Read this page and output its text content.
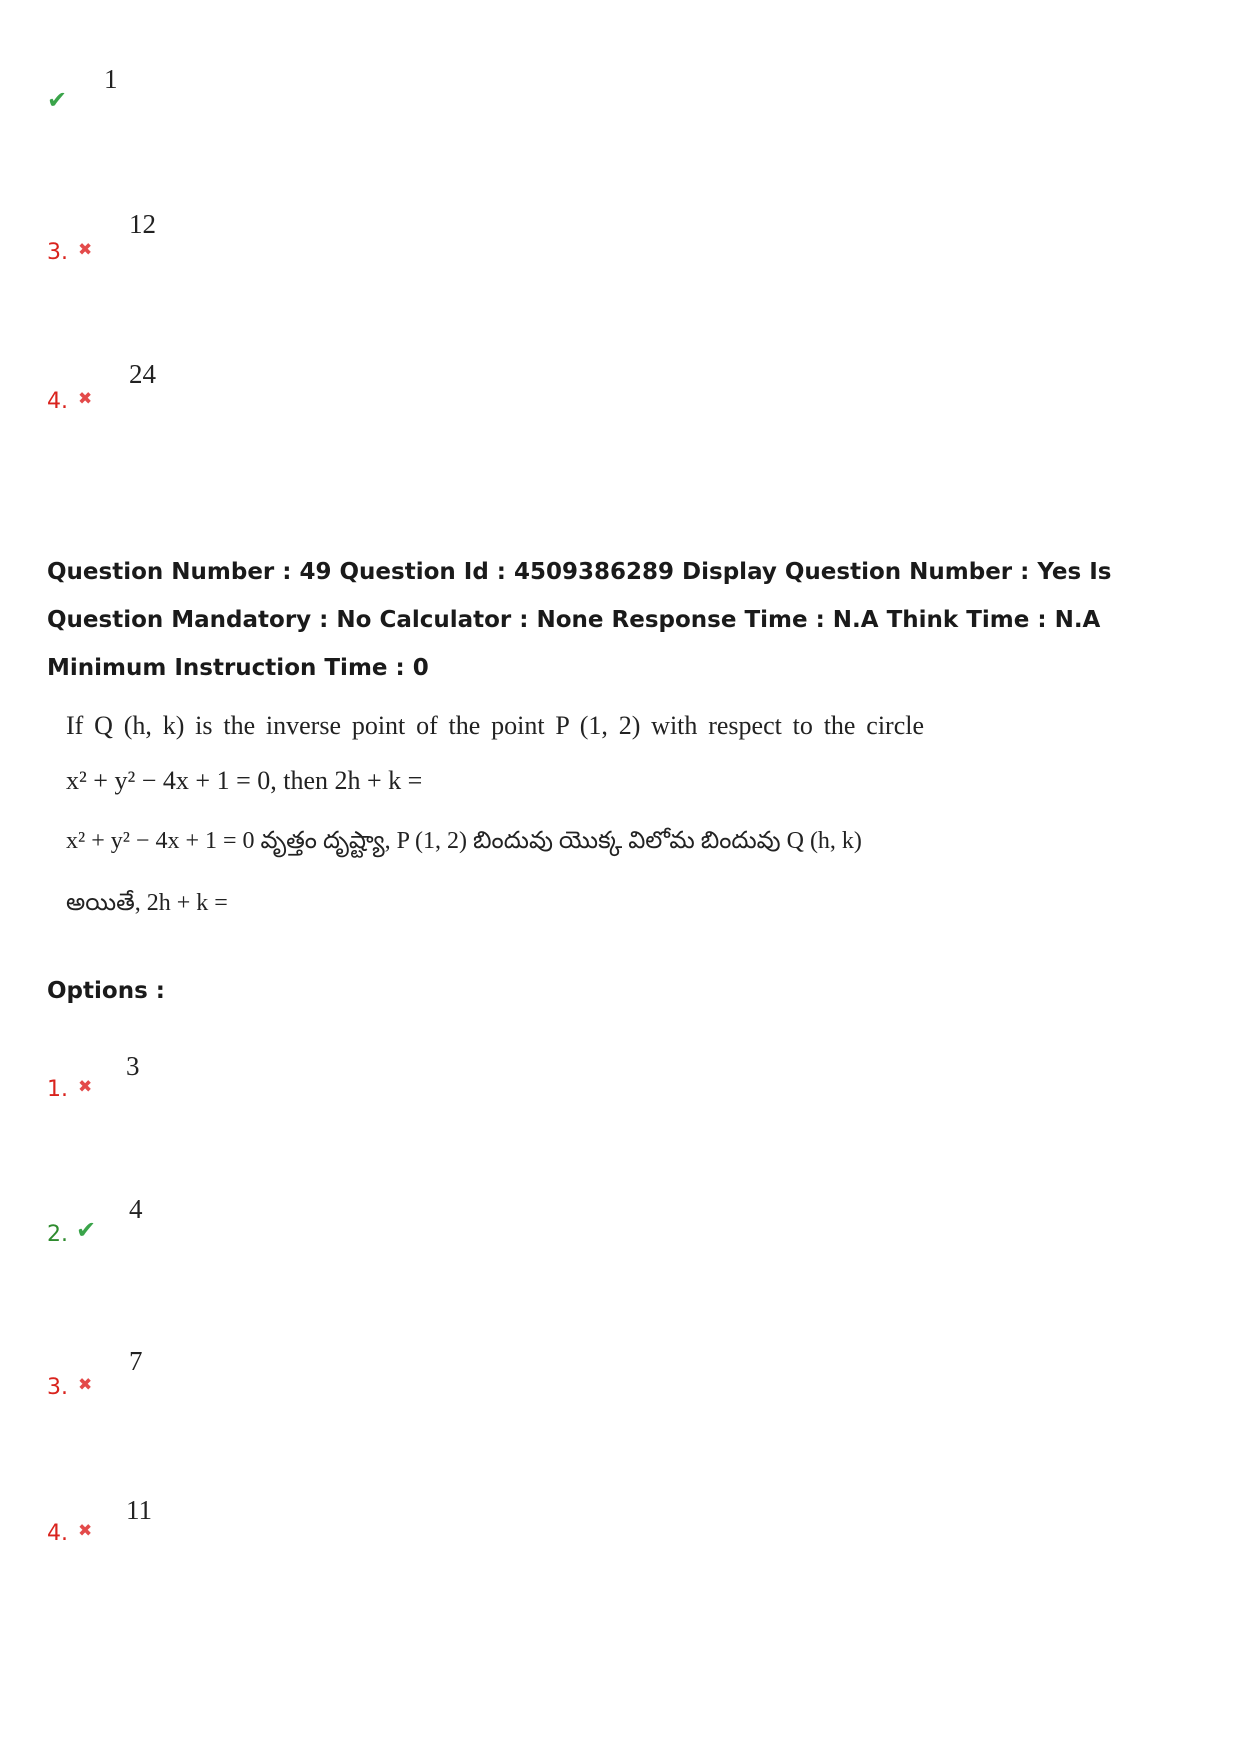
✔
1
3. ✖
12
4. ✖
24
Question Number : 49 Question Id : 4509386289 Display Question Number : Yes Is Question Mandatory : No Calculator : None Response Time : N.A Think Time : N.A Minimum Instruction Time : 0
If Q (h, k) is the inverse point of the point P (1, 2) with respect to the circle
x² + y² − 4x + 1 = 0, then 2h + k =
x² + y² − 4x + 1 = 0 వృత్తం దృష్ట్యా, P (1, 2) బిందువు యొక్క విలోమ బిందువు Q (h, k)
అయితే, 2h + k =
Options :
1. ✖
3
2. ✔
4
3. ✖
7
4. ✖
11
